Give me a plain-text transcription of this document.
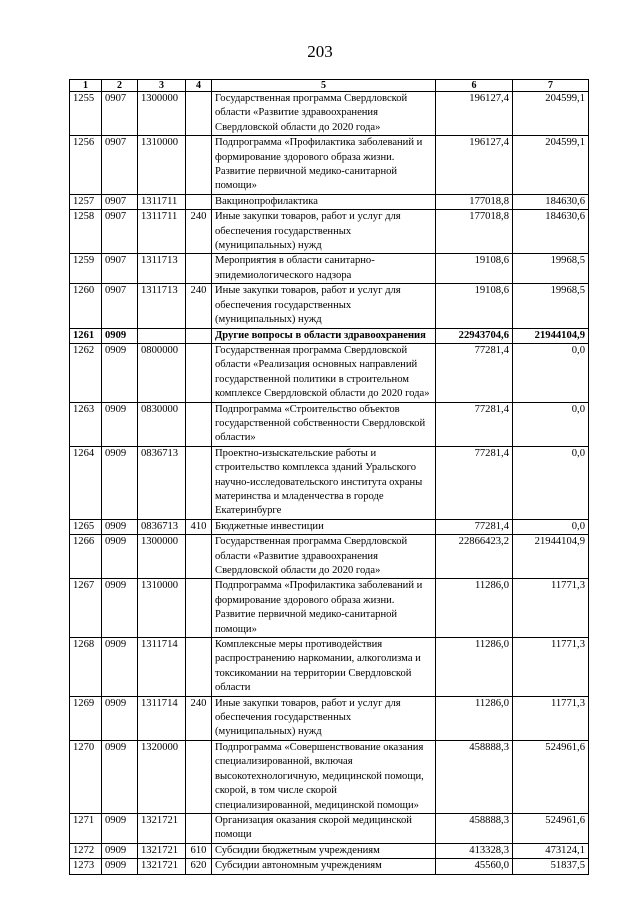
203
1	2	3	4	5	6	7
1255	0907	1300000		Государственная программа Свердловской области «Развитие здравоохранения Свердловской области до 2020 года»	196127,4	204599,1
1256	0907	1310000		Подпрограмма «Профилактика заболеваний и формирование здорового образа жизни. Развитие первичной медико-санитарной помощи»	196127,4	204599,1
1257	0907	1311711		Вакцинопрофилактика	177018,8	184630,6
1258	0907	1311711	240	Иные закупки товаров, работ и услуг для обеспечения государственных (муниципальных) нужд	177018,8	184630,6
1259	0907	1311713		Мероприятия в области санитарно-эпидемиологического надзора	19108,6	19968,5
1260	0907	1311713	240	Иные закупки товаров, работ и услуг для обеспечения государственных (муниципальных) нужд	19108,6	19968,5
1261	0909			Другие вопросы в области здравоохранения	22943704,6	21944104,9
1262	0909	0800000		Государственная программа Свердловской области «Реализация основных направлений государственной политики в строительном комплексе Свердловской области до 2020 года»	77281,4	0,0
1263	0909	0830000		Подпрограмма «Строительство объектов государственной собственности Свердловской области»	77281,4	0,0
1264	0909	0836713		Проектно-изыскательские работы и строительство комплекса зданий Уральского научно-исследовательского института охраны материнства и младенчества в городе Екатеринбурге	77281,4	0,0
1265	0909	0836713	410	Бюджетные инвестиции	77281,4	0,0
1266	0909	1300000		Государственная программа Свердловской области «Развитие здравоохранения Свердловской области до 2020 года»	22866423,2	21944104,9
1267	0909	1310000		Подпрограмма «Профилактика заболеваний и формирование здорового образа жизни. Развитие первичной медико-санитарной помощи»	11286,0	11771,3
1268	0909	1311714		Комплексные меры противодействия распространению наркомании, алкоголизма и токсикомании на территории Свердловской области	11286,0	11771,3
1269	0909	1311714	240	Иные закупки товаров, работ и услуг для обеспечения государственных (муниципальных) нужд	11286,0	11771,3
1270	0909	1320000		Подпрограмма «Совершенствование оказания специализированной, включая высокотехнологичную, медицинской помощи, скорой, в том числе скорой специализированной, медицинской помощи»	458888,3	524961,6
1271	0909	1321721		Организация оказания скорой медицинской помощи	458888,3	524961,6
1272	0909	1321721	610	Субсидии бюджетным учреждениям	413328,3	473124,1
1273	0909	1321721	620	Субсидии автономным учреждениям	45560,0	51837,5
